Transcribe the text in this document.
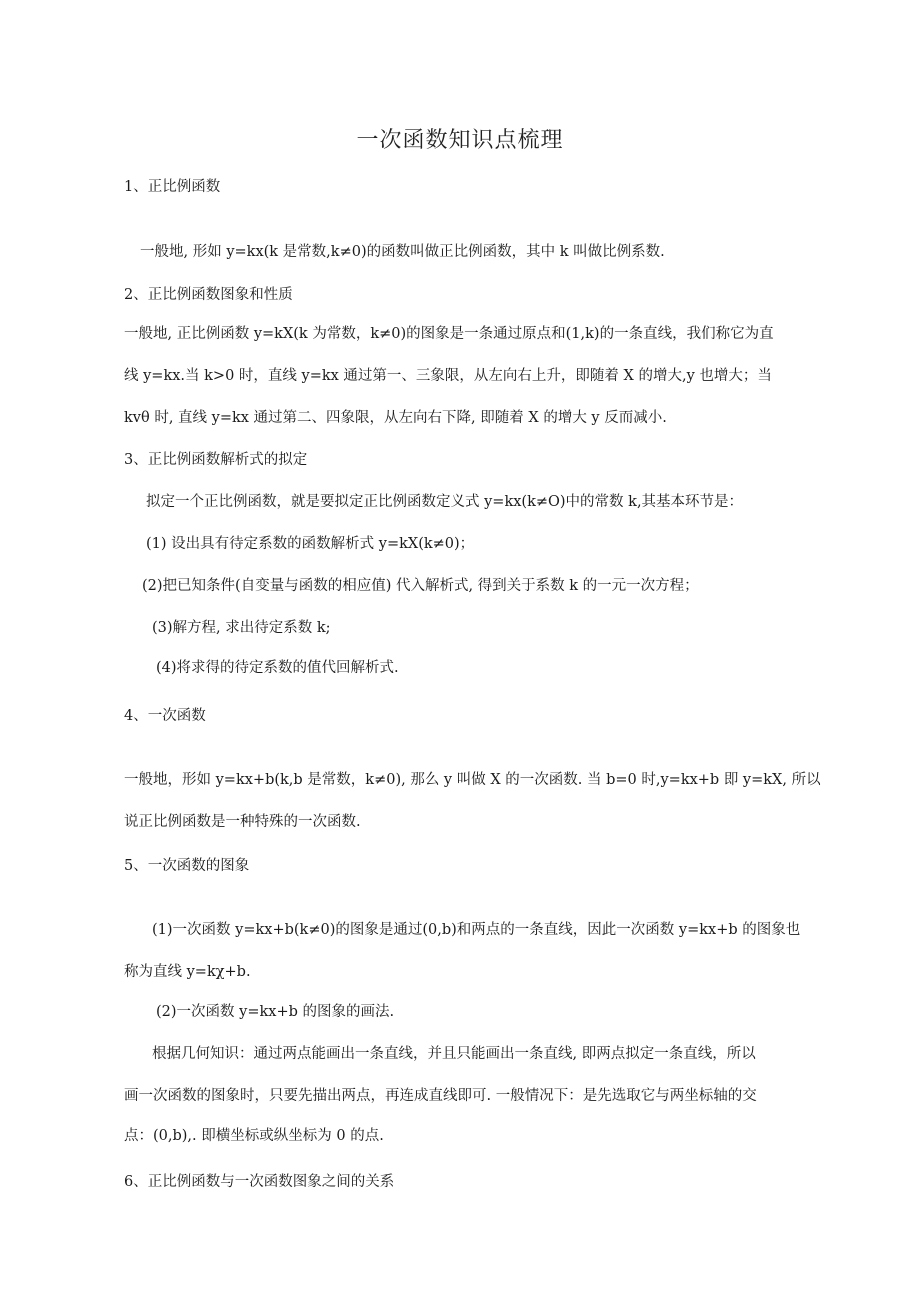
一次函数知识点梳理
1、正比例函数
一般地, 形如 y=kx(k 是常数,k≠0)的函数叫做正比例函数，其中 k 叫做比例系数.
2、正比例函数图象和性质
一般地, 正比例函数 y=kX(k 为常数，k≠0)的图象是一条通过原点和(1,k)的一条直线，我们称它为直
线 y=kx.当 k>0 时，直线 y=kx 通过第一、三象限，从左向右上升，即随着 X 的增大,y 也增大；当
kvθ 时, 直线 y=kx 通过第二、四象限，从左向右下降, 即随着 X 的增大 y 反而减小.
3、正比例函数解析式的拟定
拟定一个正比例函数，就是要拟定正比例函数定义式 y=kx(k≠O)中的常数 k,其基本环节是：
(1) 设出具有待定系数的函数解析式 y=kX(k≠0)；
(2)把已知条件(自变量与函数的相应值) 代入解析式, 得到关于系数 k 的一元一次方程；
(3)解方程, 求出待定系数 k;
(4)将求得的待定系数的值代回解析式.
4、一次函数
一般地，形如 y=kx+b(k,b 是常数，k≠0), 那么 y 叫做 X 的一次函数. 当 b=0 时,y=kx+b 即 y=kX, 所以
说正比例函数是一种特殊的一次函数.
5、一次函数的图象
(1)一次函数 y=kx+b(k≠0)的图象是通过(0,b)和两点的一条直线，因此一次函数 y=kx+b 的图象也
称为直线 y=kχ+b.
(2)一次函数 y=kx+b 的图象的画法.
根据几何知识：通过两点能画出一条直线，并且只能画出一条直线, 即两点拟定一条直线，所以
画一次函数的图象时，只要先描出两点，再连成直线即可. 一般情况下：是先选取它与两坐标轴的交
点：(0,b),. 即横坐标或纵坐标为 0 的点.
6、正比例函数与一次函数图象之间的关系
